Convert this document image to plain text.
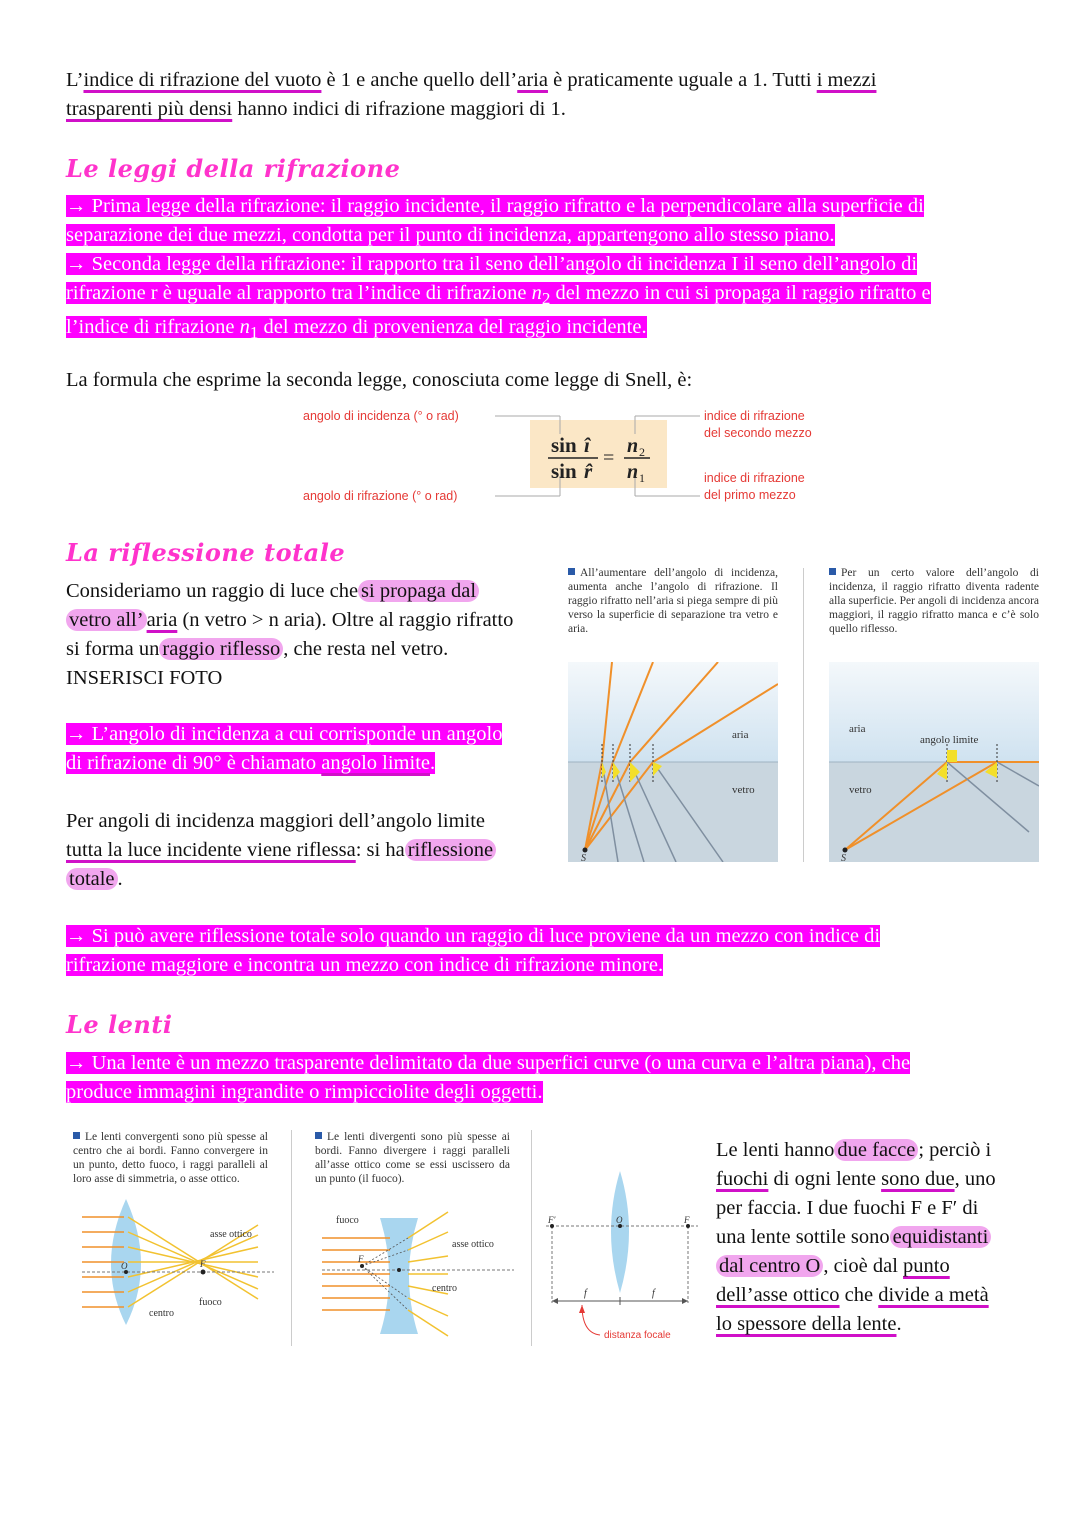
L’indice di rifrazione del vuoto è 1 e anche quello dell’aria è praticamente uguale a 1. Tutti i mezzi
trasparenti più densi hanno indici di rifrazione maggiori di 1.

Le leggi della rifrazione
→ Prima legge della rifrazione: il raggio incidente, il raggio rifratto e la perpendicolare alla superficie di
separazione dei due mezzi, condotta per il punto di incidenza, appartengono allo stesso piano.
→ Seconda legge della rifrazione: il rapporto tra il seno dell’angolo di incidenza I il seno dell’angolo di
rifrazione r è uguale al rapporto tra l’indice di rifrazione $n_2$ del mezzo in cui si propaga il raggio rifratto e
l’indice di rifrazione $n_1$ del mezzo di provenienza del raggio incidente.

La formula che esprime la seconda legge, conosciuta come legge di Snell, è:

angolo di incidenza (° o rad)
angolo di rifrazione (° o rad)
indice di rifrazione
del secondo mezzo
indice di rifrazione
del primo mezzo
sin î
sin r̂
=
n 2
n 1
La riflessione totale

Consideriamo un raggio di luce che si propaga dal
vetro all’ aria (n vetro > n aria). Oltre al raggio rifratto
si forma un raggio riflesso , che resta nel vetro.
INSERISCI FOTO

→ L’angolo di incidenza a cui corrisponde un angolo
di rifrazione di 90° è chiamato angolo limite.

Per angoli di incidenza maggiori dell’angolo limite
tutta la luce incidente viene riflessa: si ha riflessione
totale .

→ Si può avere riflessione totale solo quando un raggio di luce proviene da un mezzo con indice di
rifrazione maggiore e incontra un mezzo con indice di rifrazione minore.

All’aumentare dell’angolo di incidenza, aumenta anche l’angolo di rifrazione. Il raggio rifratto nell’aria si piega sempre di più verso la superficie di separazione tra vetro e aria.

Per un certo valore dell’angolo di incidenza, il raggio rifratto diventa radente alla superficie. Per angoli di incidenza ancora maggiori, il raggio rifratto manca e c’è solo quello riflesso.

aria
vetro
S
aria
vetro
angolo limite
S
Le lenti
→ Una lente è un mezzo trasparente delimitato da due superfici curve (o una curva e l’altra piana), che
produce immagini ingrandite o rimpicciolite degli oggetti.

Le lenti convergenti sono più spesse al centro che ai bordi. Fanno convergere in un punto, detto fuoco, i raggi paralleli al loro asse di simmetria, o asse ottico.

Le lenti divergenti sono più spesse ai bordi. Fanno divergere i raggi paralleli all’asse ottico come se essi uscissero da un punto (il fuoco).

O	F
asse ottico
fuoco
centro
F
fuoco
asse ottico
centro
F′	F
O
f	f
distanza focale

Le lenti hanno due facce ; perciò i
fuochi di ogni lente sono due, uno
per faccia. I due fuochi F e F′ di
una lente sottile sono equidistanti
dal centro O , cioè dal punto
dell’asse ottico che divide a metà
lo spessore della lente.
